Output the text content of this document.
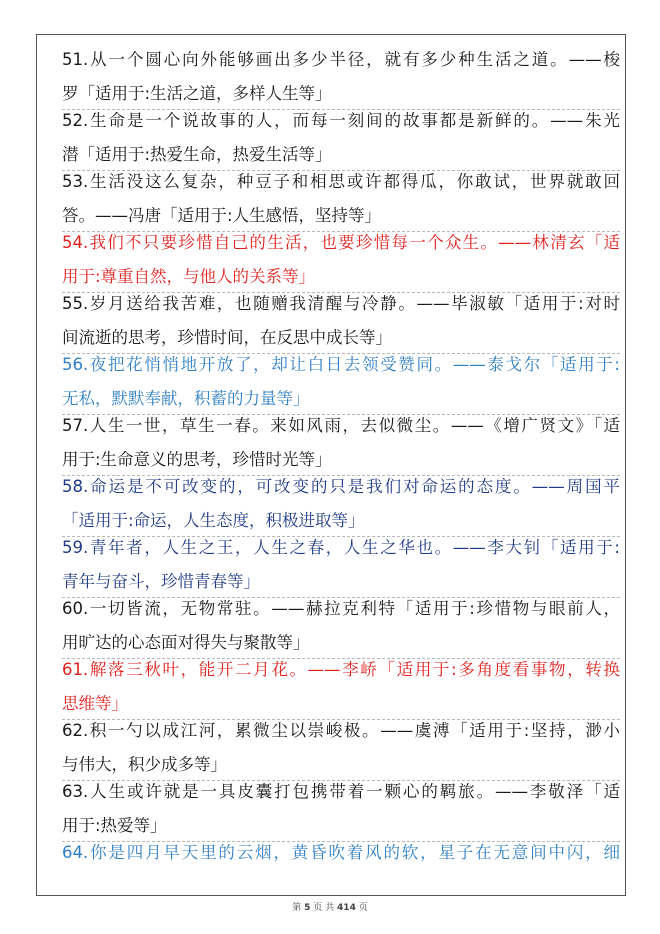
51.从一个圆心向外能够画出多少半径，就有多少种生活之道。——梭
罗「适用于:生活之道，多样人生等」
52.生命是一个说故事的人，而每一刻间的故事都是新鲜的。——朱光
潜「适用于:热爱生命，热爱生活等」
53.生活没这么复杂，种豆子和相思或许都得瓜，你敢试，世界就敢回
答。——冯唐「适用于:人生感悟，坚持等」
54.我们不只要珍惜自己的生活，也要珍惜每一个众生。——林清玄「适
用于:尊重自然，与他人的关系等」
55.岁月送给我苦难，也随赠我清醒与冷静。——毕淑敏「适用于:对时
间流逝的思考，珍惜时间，在反思中成长等」
56.夜把花悄悄地开放了，却让白日去领受赞同。——泰戈尔「适用于:
无私，默默奉献，积蓄的力量等」
57.人生一世，草生一春。来如风雨，去似微尘。——《增广贤文》「适
用于:生命意义的思考，珍惜时光等」
58.命运是不可改变的，可改变的只是我们对命运的态度。——周国平
「适用于:命运，人生态度，积极进取等」
59.青年者，人生之王，人生之春，人生之华也。——李大钊「适用于:
青年与奋斗，珍惜青春等」
60.一切皆流，无物常驻。——赫拉克利特「适用于:珍惜物与眼前人，
用旷达的心态面对得失与聚散等」
61.解落三秋叶，能开二月花。——李峤「适用于:多角度看事物，转换
思维等」
62.积一勺以成江河，累微尘以崇峻极。——虞溥「适用于:坚持，渺小
与伟大，积少成多等」
63.人生或许就是一具皮囊打包携带着一颗心的羁旅。——李敬泽「适
用于:热爱等」
64.你是四月早天里的云烟，黄昏吹着风的软，星子在无意间中闪，细
第 5 页 共 414 页
